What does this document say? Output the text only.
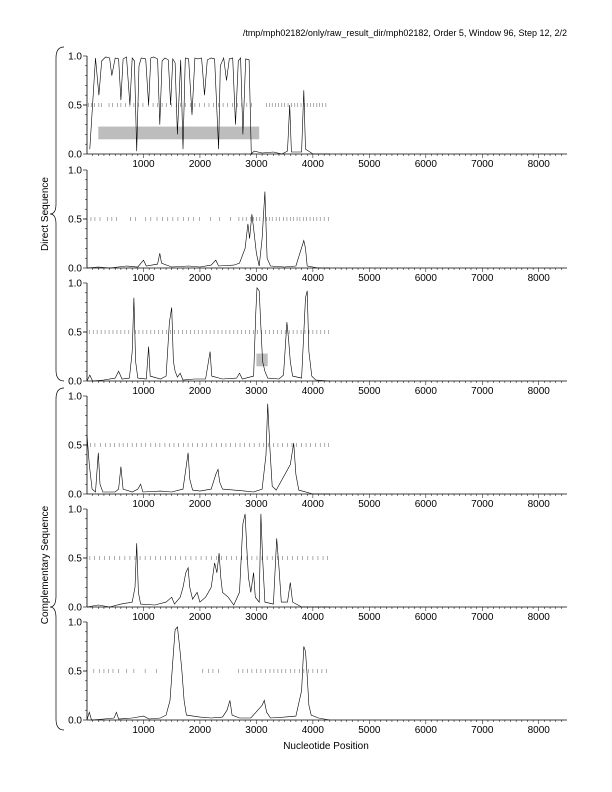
/tmp/mph02182/only/raw_result_dir/mph02182, Order 5, Window 96, Step 12, 2/2
1000	2000	3000	4000	5000	6000	7000	8000
0.0
0.5
1.0
1000	2000	3000	4000	5000	6000	7000	8000
0.0
0.5
1.0
1000	2000	3000	4000	5000	6000	7000	8000
0.0
0.5
1.0
1000	2000	3000	4000	5000	6000	7000	8000
0.0
0.5
1.0
1000	2000	3000	4000	5000	6000	7000	8000
0.0
0.5
1.0
1000	2000	3000	4000	5000	6000	7000	8000
0.0
0.5
1.0
Direct Sequence
Complementary Sequence
Nucleotide Position
